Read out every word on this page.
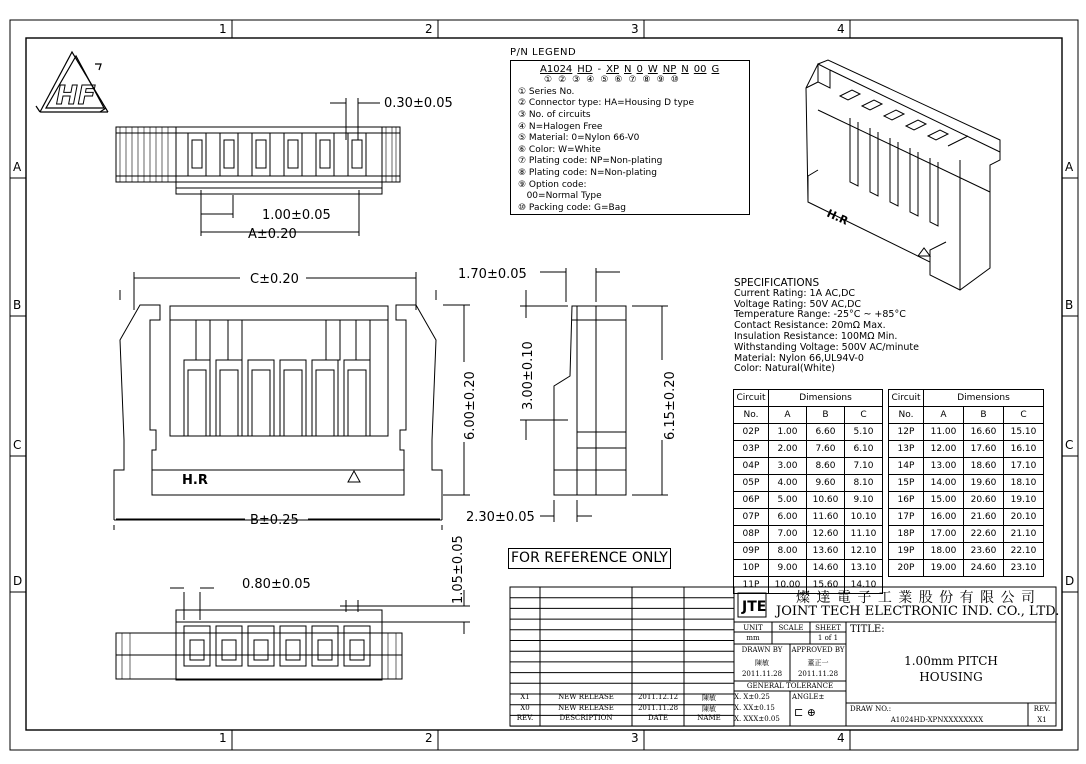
HF	0.30±0.05
1.00±0.05
A±0.20
C±0.20
B±0.25
6.00±0.20
H.R
1.70±0.05
3.00±0.10	6.15±0.20
2.30±0.05
0.80±0.05	1.05±0.05
H.R
JTE
1	2	3	4
1	2	3	4
A
B
C
D
A
B
C
D
P/N LEGEND
A1024 HD - XP N 0 W NP N 00 G
① ② ③ ④ ⑤ ⑥ ⑦ ⑧ ⑨ ⑩
① Series No.
② Connector type: HA=Housing D type
③ No. of circuits
④ N=Halogen Free
⑤ Material: 0=Nylon 66-V0
⑥ Color: W=White
⑦ Plating code: NP=Non-plating
⑧ Plating code: N=Non-plating
⑨ Option code:
00=Normal Type
⑩ Packing code: G=Bag
SPECIFICATIONS
Current Rating: 1A AC,DC
Voltage Rating: 50V AC,DC
Temperature Range: -25°C ~ +85°C
Contact Resistance: 20mΩ Max.
Insulation Resistance: 100MΩ Min.
Withstanding Voltage: 500V AC/minute
Material: Nylon 66,UL94V-0
Color: Natural(White)
Circuit	Dimensions		
No.	A	B	C
02P	1.00	6.60	5.10
03P	2.00	7.60	6.10
04P	3.00	8.60	7.10
05P	4.00	9.60	8.10
06P	5.00	10.60	9.10
07P	6.00	11.60	10.10
08P	7.00	12.60	11.10
09P	8.00	13.60	12.10
10P	9.00	14.60	13.10
11P	10.00	15.60	14.10
Circuit	Dimensions		
No.	A	B	C
12P	11.00	16.60	15.10
13P	12.00	17.60	16.10
14P	13.00	18.60	17.10
15P	14.00	19.60	18.10
16P	15.00	20.60	19.10
17P	16.00	21.60	20.10
18P	17.00	22.60	21.10
19P	18.00	23.60	22.10
20P	19.00	24.60	23.10
FOR REFERENCE ONLY
燦 達 電 子 工 業 股 份 有 限 公 司
JOINT TECH ELECTRONIC IND. CO., LTD.
UNIT
mm
SCALE	SHEET
1 of 1
TITLE:
1.00mm PITCH
HOUSING
DRAWN BY
陳敏
2011.11.28
APPROVED BY
董正一
2011.11.28
GENERAL TOLERANCE
X. X±0.25
X. XX±0.15
X. XXX±0.05
ANGLE±
⊏ ⊕	DRAW NO.:
A1024HD-XPNXXXXXXXX
REV.
X1
X1	NEW RELEASE	2011.12.12	陳敏
X0	NEW RELEASE	2011.11.28	陳敏
REV.	DESCRIPTION	DATE	NAME
